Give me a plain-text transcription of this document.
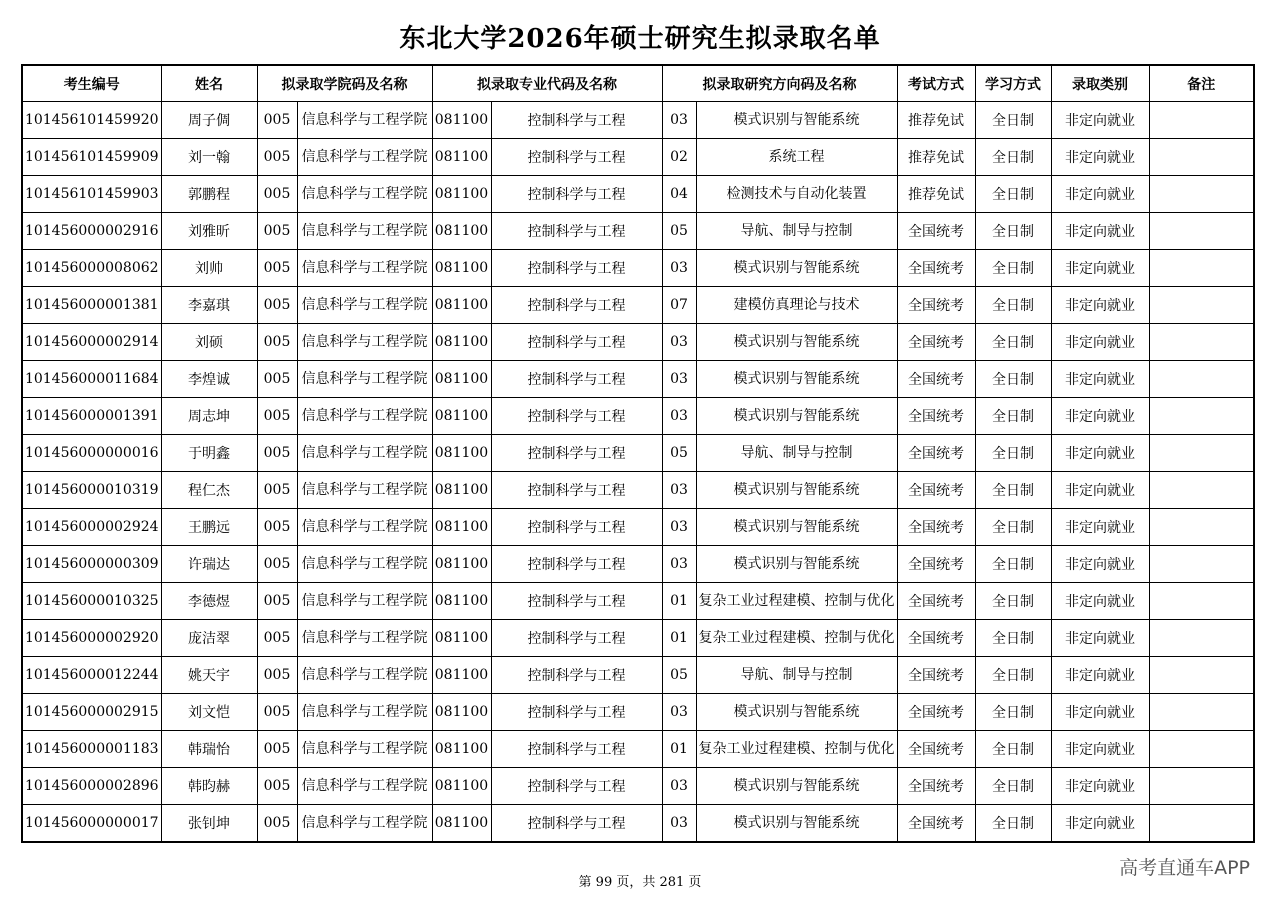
东北大学2026年硕士研究生拟录取名单
考生编号	姓名	拟录取学院码及名称		拟录取专业代码及名称		拟录取研究方向码及名称		考试方式	学习方式	录取类别	备注
101456101459920	周子倜	005	信息科学与工程学院	081100	控制科学与工程	03	模式识别与智能系统	推荐免试	全日制	非定向就业	
101456101459909	刘一翰	005	信息科学与工程学院	081100	控制科学与工程	02	系统工程	推荐免试	全日制	非定向就业	
101456101459903	郭鹏程	005	信息科学与工程学院	081100	控制科学与工程	04	检测技术与自动化装置	推荐免试	全日制	非定向就业	
101456000002916	刘雅昕	005	信息科学与工程学院	081100	控制科学与工程	05	导航、制导与控制	全国统考	全日制	非定向就业	
101456000008062	刘帅	005	信息科学与工程学院	081100	控制科学与工程	03	模式识别与智能系统	全国统考	全日制	非定向就业	
101456000001381	李嘉琪	005	信息科学与工程学院	081100	控制科学与工程	07	建模仿真理论与技术	全国统考	全日制	非定向就业	
101456000002914	刘硕	005	信息科学与工程学院	081100	控制科学与工程	03	模式识别与智能系统	全国统考	全日制	非定向就业	
101456000011684	李煌诚	005	信息科学与工程学院	081100	控制科学与工程	03	模式识别与智能系统	全国统考	全日制	非定向就业	
101456000001391	周志坤	005	信息科学与工程学院	081100	控制科学与工程	03	模式识别与智能系统	全国统考	全日制	非定向就业	
101456000000016	于明鑫	005	信息科学与工程学院	081100	控制科学与工程	05	导航、制导与控制	全国统考	全日制	非定向就业	
101456000010319	程仁杰	005	信息科学与工程学院	081100	控制科学与工程	03	模式识别与智能系统	全国统考	全日制	非定向就业	
101456000002924	王鹏远	005	信息科学与工程学院	081100	控制科学与工程	03	模式识别与智能系统	全国统考	全日制	非定向就业	
101456000000309	许瑞达	005	信息科学与工程学院	081100	控制科学与工程	03	模式识别与智能系统	全国统考	全日制	非定向就业	
101456000010325	李德煜	005	信息科学与工程学院	081100	控制科学与工程	01	复杂工业过程建模、控制与优化	全国统考	全日制	非定向就业	
101456000002920	庞洁翠	005	信息科学与工程学院	081100	控制科学与工程	01	复杂工业过程建模、控制与优化	全国统考	全日制	非定向就业	
101456000012244	姚天宇	005	信息科学与工程学院	081100	控制科学与工程	05	导航、制导与控制	全国统考	全日制	非定向就业	
101456000002915	刘文恺	005	信息科学与工程学院	081100	控制科学与工程	03	模式识别与智能系统	全国统考	全日制	非定向就业	
101456000001183	韩瑞怡	005	信息科学与工程学院	081100	控制科学与工程	01	复杂工业过程建模、控制与优化	全国统考	全日制	非定向就业	
101456000002896	韩昀赫	005	信息科学与工程学院	081100	控制科学与工程	03	模式识别与智能系统	全国统考	全日制	非定向就业	
101456000000017	张钊坤	005	信息科学与工程学院	081100	控制科学与工程	03	模式识别与智能系统	全国统考	全日制	非定向就业	
第 99 页，共 281 页
高考直通车APP
